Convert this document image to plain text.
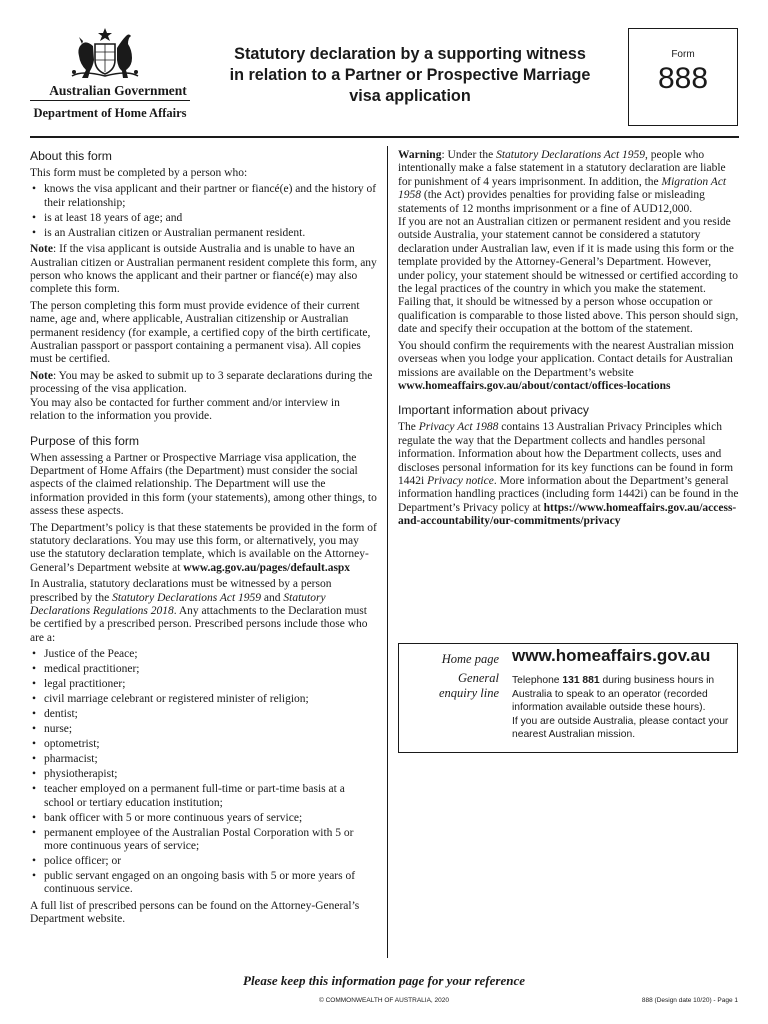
Australian Government
Department of Home Affairs
Statutory declaration by a supporting witness
in relation to a Partner or Prospective Marriage
visa application
Form
888
About this form

This form must be completed by a person who:

• knows the visa applicant and their partner or fiancé(e) and the history of their relationship;
• is at least 18 years of age; and
• is an Australian citizen or Australian permanent resident.

Note: If the visa applicant is outside Australia and is unable to have an Australian citizen or Australian permanent resident complete this form, any person who knows the applicant and their partner or fiancé(e) may also complete this form.

The person completing this form must provide evidence of their current name, age and, where applicable, Australian citizenship or Australian permanent residency (for example, a certified copy of the birth certificate, Australian passport or passport containing a permanent visa). All copies must be certified.

Note: You may be asked to submit up to 3 separate declarations during the processing of the visa application.

You may also be contacted for further comment and/or interview in relation to the information you provide.

Purpose of this form

When assessing a Partner or Prospective Marriage visa application, the Department of Home Affairs (the Department) must consider the social aspects of the claimed relationship. The Department will use the information provided in this form (your statements), among other things, to assess these aspects.

The Department’s policy is that these statements be provided in the form of statutory declarations. You may use this form, or alternatively, you may use the statutory declaration template, which is available on the Attorney-General’s Department website at www.ag.gov.au/pages/default.aspx

In Australia, statutory declarations must be witnessed by a person prescribed by the Statutory Declarations Act 1959 and Statutory Declarations Regulations 2018. Any attachments to the Declaration must be certified by a prescribed person. Prescribed persons include those who are a:

• Justice of the Peace;
• medical practitioner;
• legal practitioner;
• civil marriage celebrant or registered minister of religion;
• dentist;
• nurse;
• optometrist;
• pharmacist;
• physiotherapist;
• teacher employed on a permanent full-time or part-time basis at a school or tertiary education institution;
• bank officer with 5 or more continuous years of service;
• permanent employee of the Australian Postal Corporation with 5 or more continuous years of service;
• police officer; or
• public servant engaged on an ongoing basis with 5 or more years of continuous service.

A full list of prescribed persons can be found on the Attorney-General’s Department website.

Warning: Under the Statutory Declarations Act 1959, people who intentionally make a false statement in a statutory declaration are liable for punishment of 4 years imprisonment. In addition, the Migration Act 1958 (the Act) provides penalties for providing false or misleading statements of 12 months imprisonment or a fine of AUD12,000.

If you are not an Australian citizen or permanent resident and you reside outside Australia, your statement cannot be considered a statutory declaration under Australian law, even if it is made using this form or the template provided by the Attorney-General’s Department. However, under policy, your statement should be witnessed or certified according to the legal practices of the country in which you make the statement. Failing that, it should be witnessed by a person whose occupation or qualification is comparable to those listed above. This person should sign, date and specify their occupation at the bottom of the statement.

You should confirm the requirements with the nearest Australian mission overseas when you lodge your application. Contact details for Australian missions are available on the Department’s website www.homeaffairs.gov.au/about/contact/offices-locations

Important information about privacy

The Privacy Act 1988 contains 13 Australian Privacy Principles which regulate the way that the Department collects and handles personal information. Information about how the Department collects, uses and discloses personal information for its key functions can be found in form 1442i Privacy notice. More information about the Department’s general information handling practices (including form 1442i) can be found in the Department’s Privacy policy at https://www.homeaffairs.gov.au/access-and-accountability/our-commitments/privacy

Home page www.homeaffairs.gov.au
General
enquiry line
Telephone 131 881 during business hours in Australia to speak to an operator (recorded information available outside these hours).
If you are outside Australia, please contact your nearest Australian mission.
Please keep this information page for your reference
© COMMONWEALTH OF AUSTRALIA, 2020	888 (Design date 10/20) - Page 1
